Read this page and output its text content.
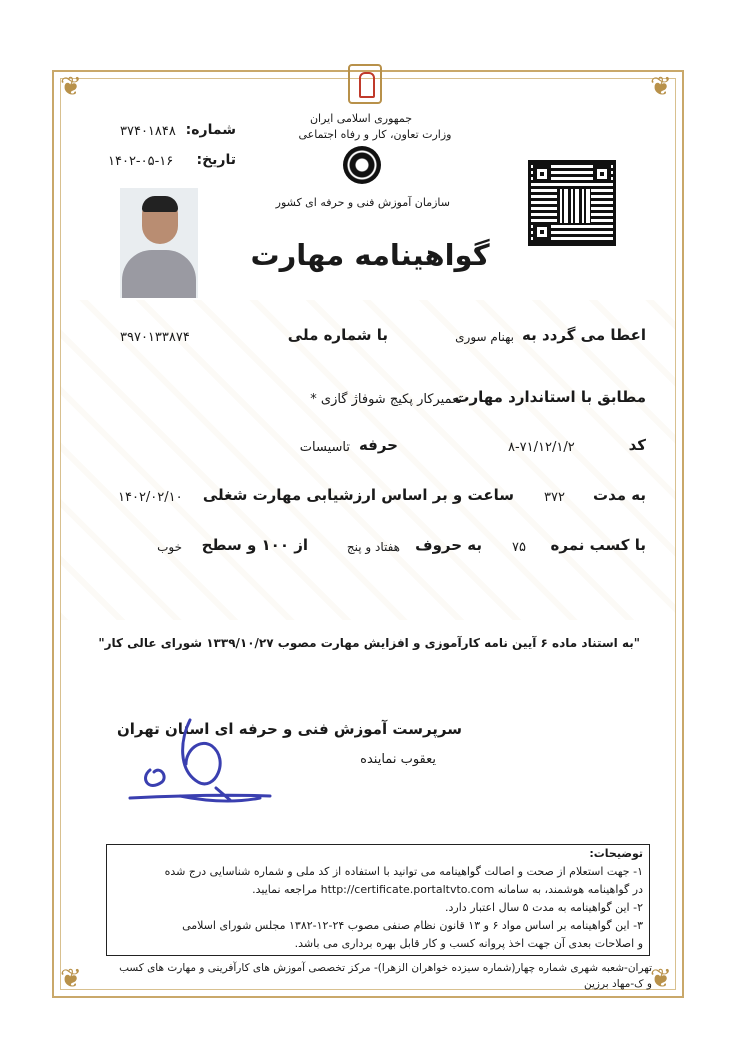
❦	❦
❦	❦
جمهوری اسلامی ایران
وزارت تعاون، کار و رفاه اجتماعی
سازمان آموزش فنی و حرفه ای کشور
شماره:
۳۷۴۰۱۸۴۸
تاریخ:
۱۴۰۲-۰۵-۱۶
گواهینامه مهارت
اعطا می گردد به
بهنام سوری
با شماره ملی
۳۹۷۰۱۳۳۸۷۴
مطابق با استاندارد مهارت
تعمیرکار پکیج شوفاژ گازی *
کد
۸-۷۱/۱۲/۱/۲
حرفه
تاسیسات
به مدت
۳۷۲
ساعت و بر اساس ارزشیابی مهارت شغلی
۱۴۰۲/۰۲/۱۰
با کسب نمره
۷۵
به حروف
هفتاد و پنج
از ۱۰۰ و سطح
خوب
"به استناد ماده ۶ آیین نامه کارآموزی و افزایش مهارت مصوب ۱۳۳۹/۱۰/۲۷ شورای عالی کار"
سرپرست آموزش فنی و حرفه ای استان تهران
یعقوب نماینده
توضیحات:
۱- جهت استعلام از صحت و اصالت گواهینامه می توانید با استفاده از کد ملی و شماره شناسایی درج شده
در گواهینامه هوشمند، به سامانه http://certificate.portaltvto.com مراجعه نمایید.
۲- این گواهینامه به مدت ۵ سال اعتبار دارد.
۳- این گواهینامه بر اساس مواد ۶ و ۱۳ قانون نظام صنفی مصوب ۲۴-۱۲-۱۳۸۲ مجلس شورای اسلامی
و اصلاحات بعدی آن جهت اخذ پروانه کسب و کار قابل بهره برداری می باشد.
تهران-شعبه شهری شماره چهار(شماره سیزده خواهران الزهرا)- مرکز تخصصی آموزش های کارآفرینی و مهارت های کسب
و ک-مهاد برزین
